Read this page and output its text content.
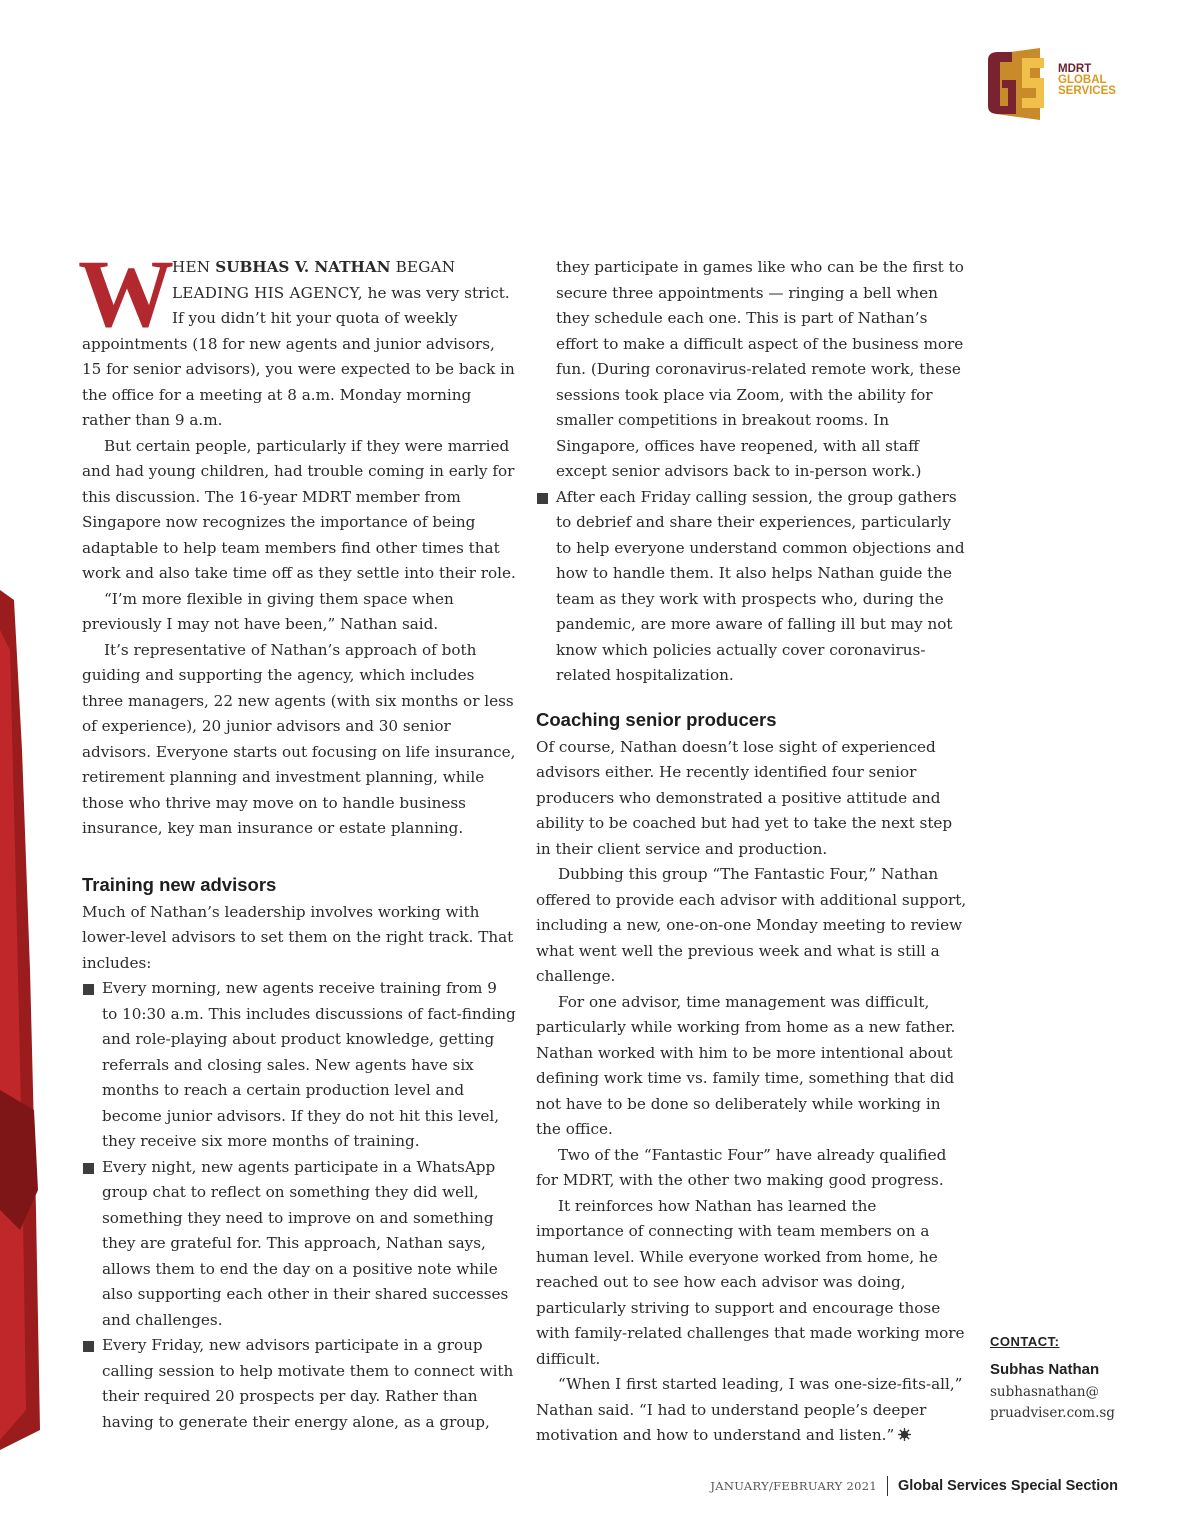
MDRT
GLOBAL
SERVICES

W
HEN SUBHAS V. NATHAN BEGAN LEADING HIS AGENCY, he was very strict. If you didn’t hit your quota of weekly appointments (18 for new agents and junior advisors, 15 for senior advisors), you were expected to be back in the office for a meeting at 8 a.m. Monday morning rather than 9 a.m.

But certain people, particularly if they were married and had young children, had trouble coming in early for this discussion. The 16-year MDRT member from Singapore now recognizes the importance of being adaptable to help team members find other times that work and also take time off as they settle into their role.

“I’m more flexible in giving them space when previously I may not have been,” Nathan said.

It’s representative of Nathan’s approach of both guiding and supporting the agency, which includes three managers, 22 new agents (with six months or less of experience), 20 junior advisors and 30 senior advisors. Everyone starts out focusing on life insurance, retirement planning and investment planning, while those who thrive may move on to handle business insurance, key man insurance or estate planning.

Training new advisors

Much of Nathan’s leadership involves working with lower-level advisors to set them on the right track. That includes:

Every morning, new agents receive training from 9 to 10:30 a.m. This includes discussions of fact-finding and role-playing about product knowledge, getting referrals and closing sales. New agents have six months to reach a certain production level and become junior advisors. If they do not hit this level, they receive six more months of training.
Every night, new agents participate in a WhatsApp group chat to reflect on something they did well, something they need to improve on and something they are grateful for. This approach, Nathan says, allows them to end the day on a positive note while also supporting each other in their shared successes and challenges.
Every Friday, new advisors participate in a group calling session to help motivate them to connect with their required 20 prospects per day. Rather than having to generate their energy alone, as a group,

they participate in games like who can be the first to secure three appointments — ringing a bell when they schedule each one. This is part of Nathan’s effort to make a difficult aspect of the business more fun. (During coronavirus-related remote work, these sessions took place via Zoom, with the ability for smaller competitions in breakout rooms. In Singapore, offices have reopened, with all staff except senior advisors back to in-person work.)

After each Friday calling session, the group gathers to debrief and share their experiences, particularly to help everyone understand common objections and how to handle them. It also helps Nathan guide the team as they work with prospects who, during the pandemic, are more aware of falling ill but may not know which policies actually cover coronavirus-related hospitalization.
Coaching senior producers

Of course, Nathan doesn’t lose sight of experienced advisors either. He recently identified four senior producers who demonstrated a positive attitude and ability to be coached but had yet to take the next step in their client service and production.

Dubbing this group “The Fantastic Four,” Nathan offered to provide each advisor with additional support, including a new, one-on-one Monday meeting to review what went well the previous week and what is still a challenge.

For one advisor, time management was difficult, particularly while working from home as a new father. Nathan worked with him to be more intentional about defining work time vs. family time, something that did not have to be done so deliberately while working in the office.

Two of the “Fantastic Four” have already qualified for MDRT, with the other two making good progress.

It reinforces how Nathan has learned the importance of connecting with team members on a human level. While everyone worked from home, he reached out to see how each advisor was doing, particularly striving to support and encourage those with family-related challenges that made working more difficult.

“When I first started leading, I was one-size-fits-all,” Nathan said. “I had to understand people’s deeper motivation and how to understand and listen.”

CONTACT:
Subhas Nathan
subhasnathan@
pruadviser.com.sg
JANUARY/FEBRUARY 2021 Global Services Special Section
